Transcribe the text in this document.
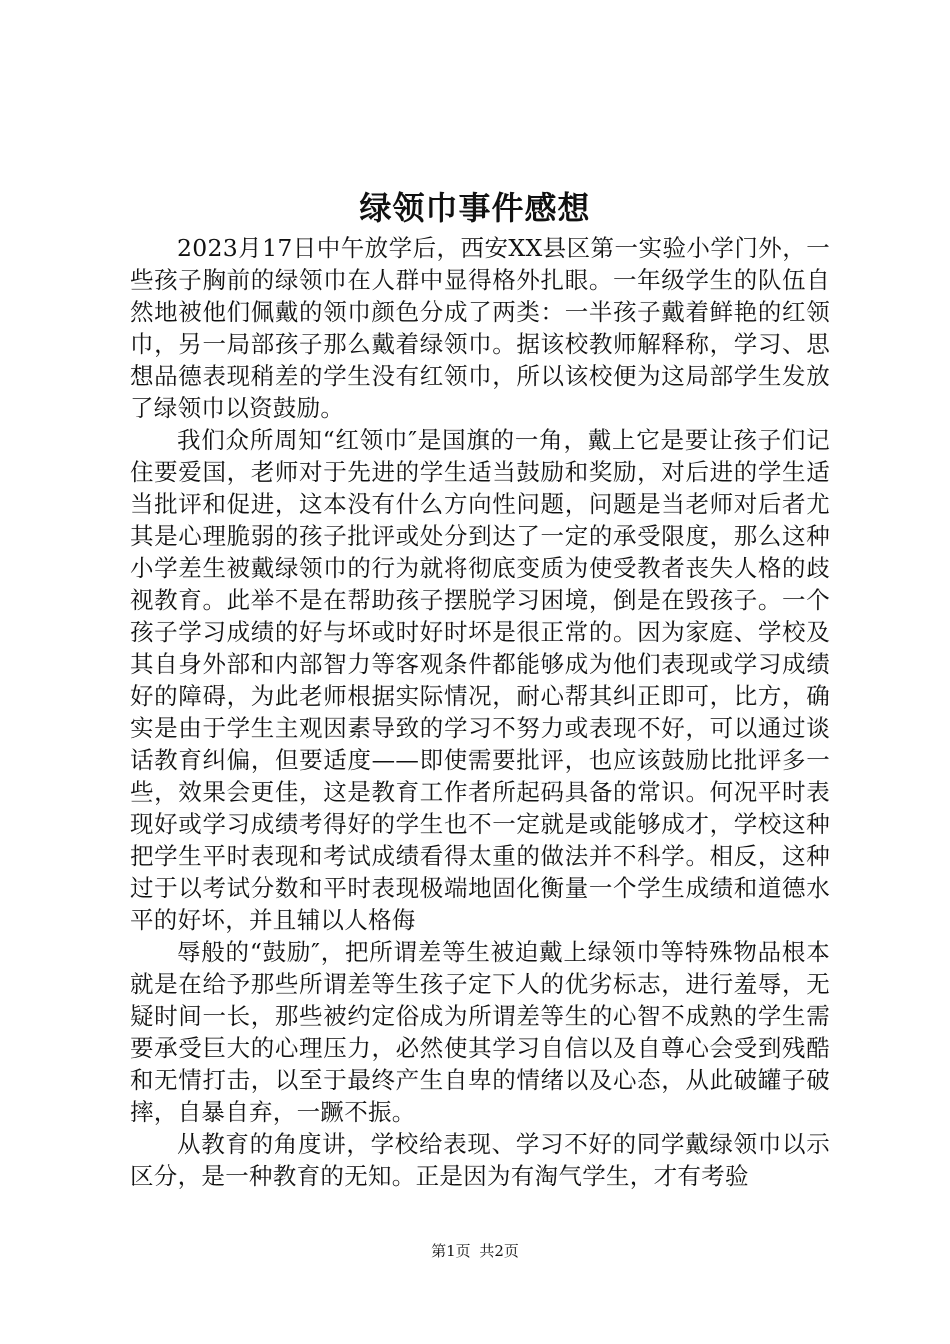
绿领巾事件感想

2023月17日中午放学后，西安XX县区第一实验小学门外，一些孩子胸前的绿领巾在人群中显得格外扎眼。一年级学生的队伍自然地被他们佩戴的领巾颜色分成了两类：一半孩子戴着鲜艳的红领巾，另一局部孩子那么戴着绿领巾。据该校教师解释称，学习、思想品德表现稍差的学生没有红领巾，所以该校便为这局部学生发放了绿领巾以资鼓励。

我们众所周知“红领巾″是国旗的一角，戴上它是要让孩子们记住要爱国，老师对于先进的学生适当鼓励和奖励，对后进的学生适当批评和促进，这本没有什么方向性问题，问题是当老师对后者尤其是心理脆弱的孩子批评或处分到达了一定的承受限度，那么这种小学差生被戴绿领巾的行为就将彻底变质为使受教者丧失人格的歧视教育。此举不是在帮助孩子摆脱学习困境，倒是在毁孩子。一个孩子学习成绩的好与坏或时好时坏是很正常的。因为家庭、学校及其自身外部和内部智力等客观条件都能够成为他们表现或学习成绩好的障碍，为此老师根据实际情况，耐心帮其纠正即可，比方，确实是由于学生主观因素导致的学习不努力或表现不好，可以通过谈话教育纠偏，但要适度——即使需要批评，也应该鼓励比批评多一些，效果会更佳，这是教育工作者所起码具备的常识。何况平时表现好或学习成绩考得好的学生也不一定就是或能够成才，学校这种把学生平时表现和考试成绩看得太重的做法并不科学。相反，这种过于以考试分数和平时表现极端地固化衡量一个学生成绩和道德水平的好坏，并且辅以人格侮

辱般的“鼓励″，把所谓差等生被迫戴上绿领巾等特殊物品根本就是在给予那些所谓差等生孩子定下人的优劣标志，进行羞辱，无疑时间一长，那些被约定俗成为所谓差等生的心智不成熟的学生需要承受巨大的心理压力，必然使其学习自信以及自尊心会受到残酷和无情打击，以至于最终产生自卑的情绪以及心态，从此破罐子破摔，自暴自弃，一蹶不振。

从教育的角度讲，学校给表现、学习不好的同学戴绿领巾以示区分，是一种教育的无知。正是因为有淘气学生，才有考验

第1页 共2页
